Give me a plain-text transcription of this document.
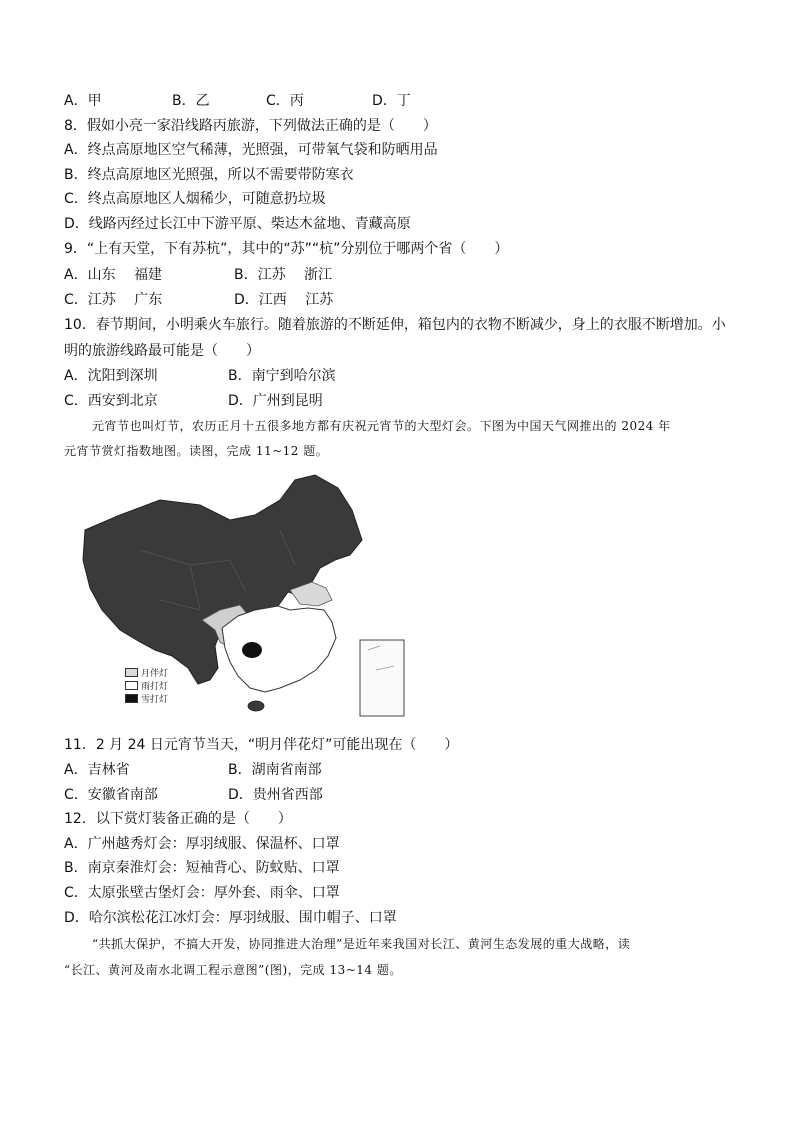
A．甲	B．乙	C．丙	D．丁
8．假如小亮一家沿线路丙旅游，下列做法正确的是（　　）
A．终点高原地区空气稀薄，光照强，可带氧气袋和防晒用品
B．终点高原地区光照强，所以不需要带防寒衣
C．终点高原地区人烟稀少，可随意扔垃圾
D．线路丙经过长江中下游平原、柴达木盆地、青藏高原
9．“上有天堂，下有苏杭”，其中的“苏”“杭”分别位于哪两个省（　　）
A．山东　 福建	B．江苏　 浙江
C．江苏　 广东	D．江西　 江苏
10．春节期间，小明乘火车旅行。随着旅游的不断延伸，箱包内的衣物不断减少，身上的衣服不断增加。小
明的旅游线路最可能是（　　）
A．沈阳到深圳	B．南宁到哈尔滨
C．西安到北京	D．广州到昆明
元宵节也叫灯节，农历正月十五很多地方都有庆祝元宵节的大型灯会。下图为中国天气网推出的 2024 年
元宵节赏灯指数地图。读图，完成 11~12 题。
月伴灯
雨打灯
雪打灯
11．2 月 24 日元宵节当天，“明月伴花灯”可能出现在（　　）
A．吉林省	B．湖南省南部
C．安徽省南部	D．贵州省西部
12．以下赏灯装备正确的是（　　）
A．广州越秀灯会：厚羽绒服、保温杯、口罩
B．南京秦淮灯会：短袖背心、防蚊贴、口罩
C．太原张壁古堡灯会：厚外套、雨伞、口罩
D．哈尔滨松花江冰灯会：厚羽绒服、围巾帽子、口罩
“共抓大保护，不搞大开发，协同推进大治理”是近年来我国对长江、黄河生态发展的重大战略，读
“长江、黄河及南水北调工程示意图”(图)，完成 13~14 题。
